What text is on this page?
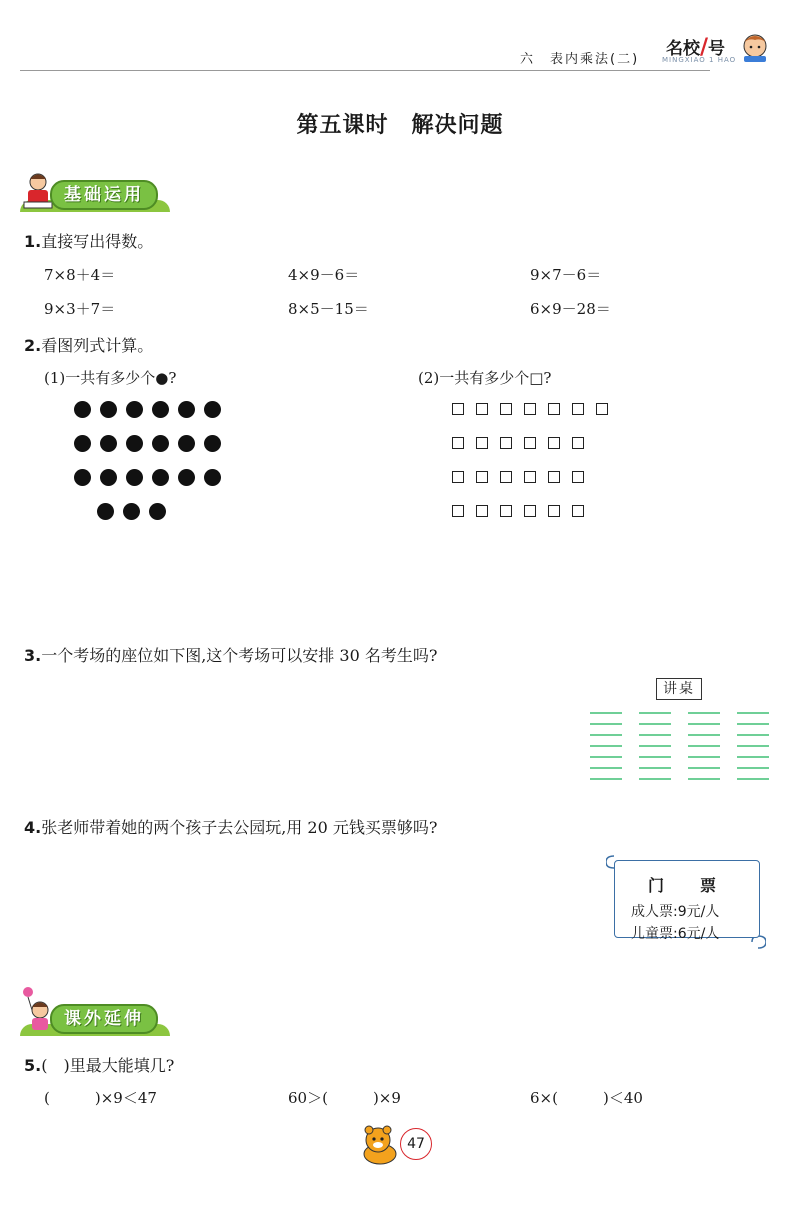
六　表内乘法(二)
名校/号
MINGXIAO 1 HAO
第五课时　解决问题
基础运用
1.直接写出得数。
7×8＋4＝	4×9－6＝	9×7－6＝
9×3＋7＝	8×5－15＝	6×9－28＝
2.看图列式计算。
(1)一共有多少个●?	(2)一共有多少个□?
3.一个考场的座位如下图,这个考场可以安排 30 名考生吗?
讲桌
4.张老师带着她的两个孩子去公园玩,用 20 元钱买票够吗?
门　票
成人票:9元/人
儿童票:6元/人
课外延伸
5.(　)里最大能填几?
(　　　)×9＜47	60＞(　　　)×9	6×(　　　)＜40
47
